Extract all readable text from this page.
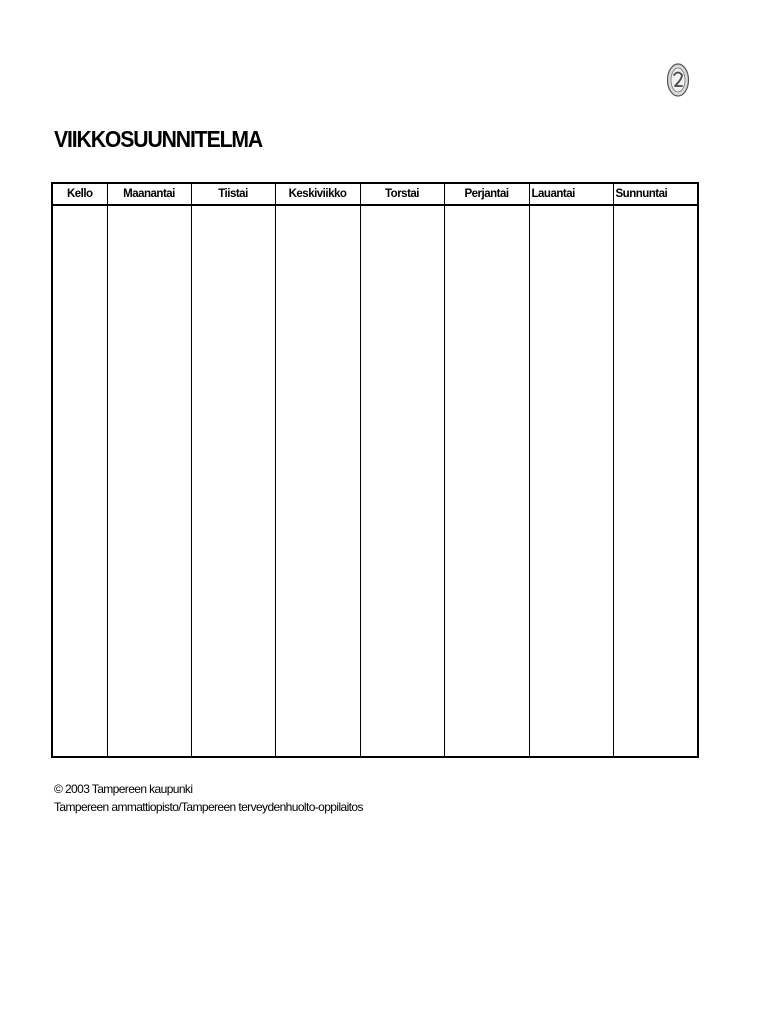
VIIKKOSUUNNITELMA
Kello	Maanantai	Tiistai	Keskiviikko	Torstai	Perjantai	Lauantai	Sunnuntai

© 2003 Tampereen kaupunki
Tampereen ammattiopisto/Tampereen terveydenhuolto-oppilaitos
